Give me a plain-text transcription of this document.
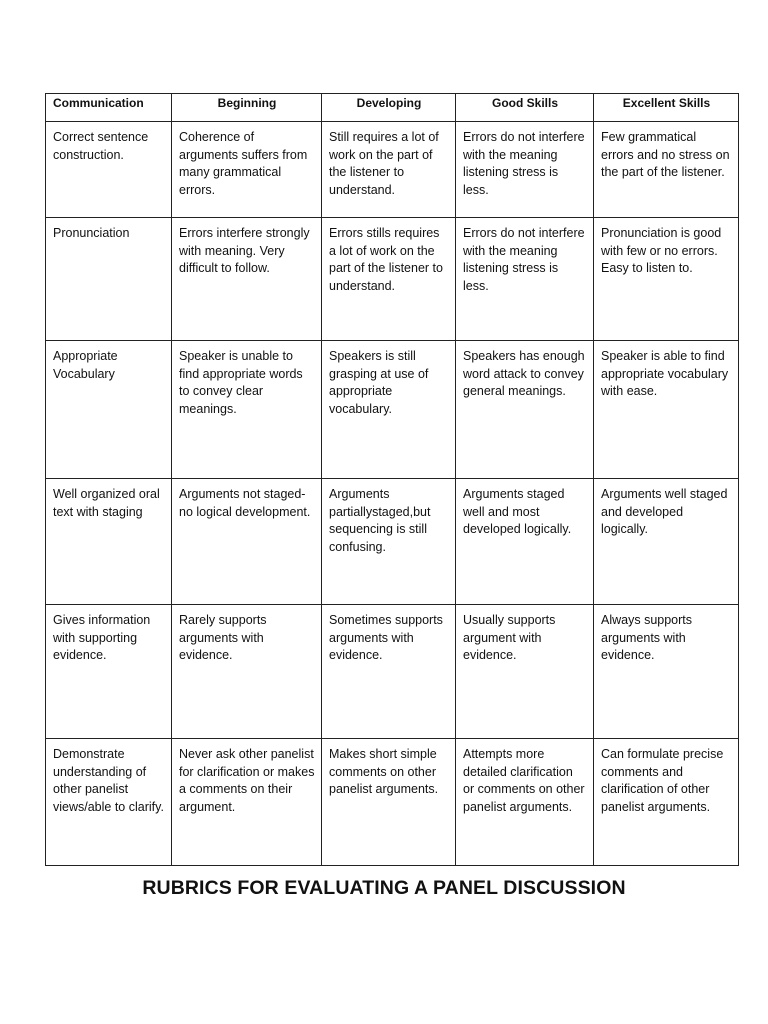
Communication	Beginning	Developing	Good Skills	Excellent Skills
Correct sentence construction.	Coherence of arguments suffers from many grammatical errors.	Still requires a lot of work on the part of the listener to understand.	Errors do not interfere with the meaning listening stress is less.	Few grammatical errors and no stress on the part of the listener.
Pronunciation	Errors interfere strongly with meaning. Very difficult to follow.	Errors stills requires a lot of work on the part of the listener to understand.	Errors do not interfere with the meaning listening stress is less.	Pronunciation is good with few or no errors. Easy to listen to.
Appropriate Vocabulary	Speaker is unable to find appropriate words to convey clear meanings.	Speakers is still grasping at use of appropriate vocabulary.	Speakers has enough word attack to convey general meanings.	Speaker is able to find appropriate vocabulary with ease.
Well organized oral text with staging	Arguments not staged-no logical development.	Arguments partiallystaged,but sequencing is still confusing.	Arguments staged well and most developed logically.	Arguments well staged and developed logically.
Gives information with supporting evidence.	Rarely supports arguments with evidence.	Sometimes supports arguments with evidence.	Usually supports argument with evidence.	Always supports arguments with evidence.
Demonstrate understanding of other panelist views/able to clarify.	Never ask other panelist for clarification or makes a comments on their argument.	Makes short simple comments on other panelist arguments.	Attempts more detailed clarification or comments on other panelist arguments.	Can formulate precise comments and clarification of other panelist arguments.
RUBRICS FOR EVALUATING A PANEL DISCUSSION
